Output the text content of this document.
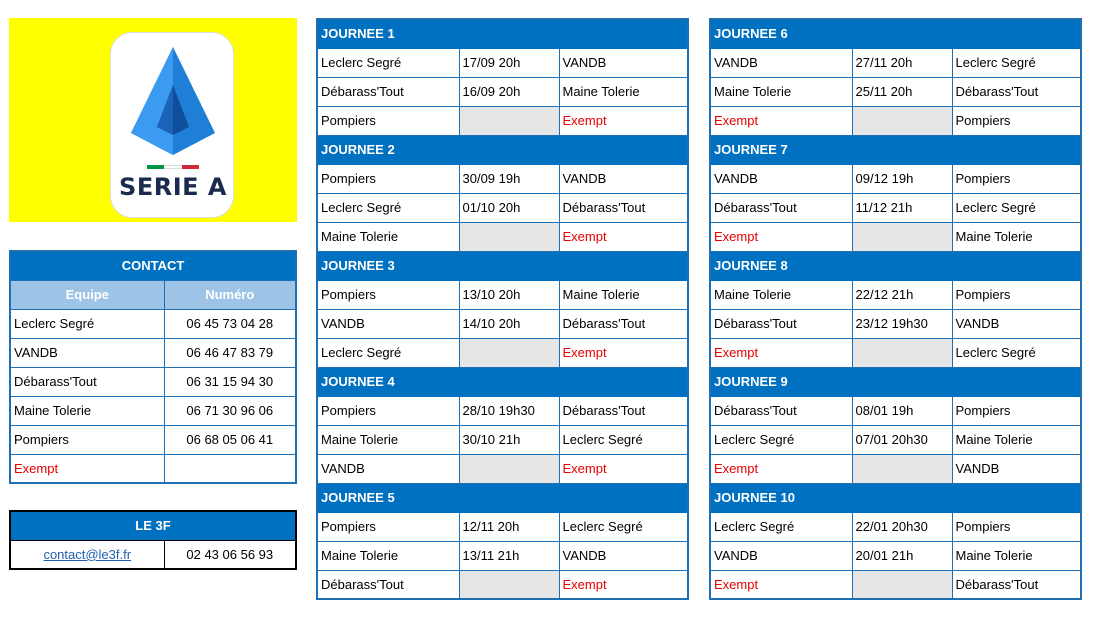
SERIE A
CONTACT	
Equipe	Numéro
Leclerc Segré	06 45 73 04 28
VANDB	06 46 47 83 79
Débarass'Tout	06 31 15 94 30
Maine Tolerie	06 71 30 96 06
Pompiers	06 68 05 06 41
Exempt	
LE 3F
contact@le3f.fr	02 43 06 56 93
JOURNEE 1		
Leclerc Segré	17/09 20h	VANDB
Débarass'Tout	16/09 20h	Maine Tolerie
Pompiers		Exempt
JOURNEE 2		
Pompiers	30/09 19h	VANDB
Leclerc Segré	01/10 20h	Débarass'Tout
Maine Tolerie		Exempt
JOURNEE 3		
Pompiers	13/10 20h	Maine Tolerie
VANDB	14/10 20h	Débarass'Tout
Leclerc Segré		Exempt
JOURNEE 4		
Pompiers	28/10 19h30	Débarass'Tout
Maine Tolerie	30/10 21h	Leclerc Segré
VANDB		Exempt
JOURNEE 5		
Pompiers	12/11 20h	Leclerc Segré
Maine Tolerie	13/11 21h	VANDB
Débarass'Tout		Exempt
JOURNEE 6		
VANDB	27/11 20h	Leclerc Segré
Maine Tolerie	25/11 20h	Débarass'Tout
Exempt		Pompiers
JOURNEE 7		
VANDB	09/12 19h	Pompiers
Débarass'Tout	11/12 21h	Leclerc Segré
Exempt		Maine Tolerie
JOURNEE 8		
Maine Tolerie	22/12 21h	Pompiers
Débarass'Tout	23/12 19h30	VANDB
Exempt		Leclerc Segré
JOURNEE 9		
Débarass'Tout	08/01 19h	Pompiers
Leclerc Segré	07/01 20h30	Maine Tolerie
Exempt		VANDB
JOURNEE 10		
Leclerc Segré	22/01 20h30	Pompiers
VANDB	20/01 21h	Maine Tolerie
Exempt		Débarass'Tout
